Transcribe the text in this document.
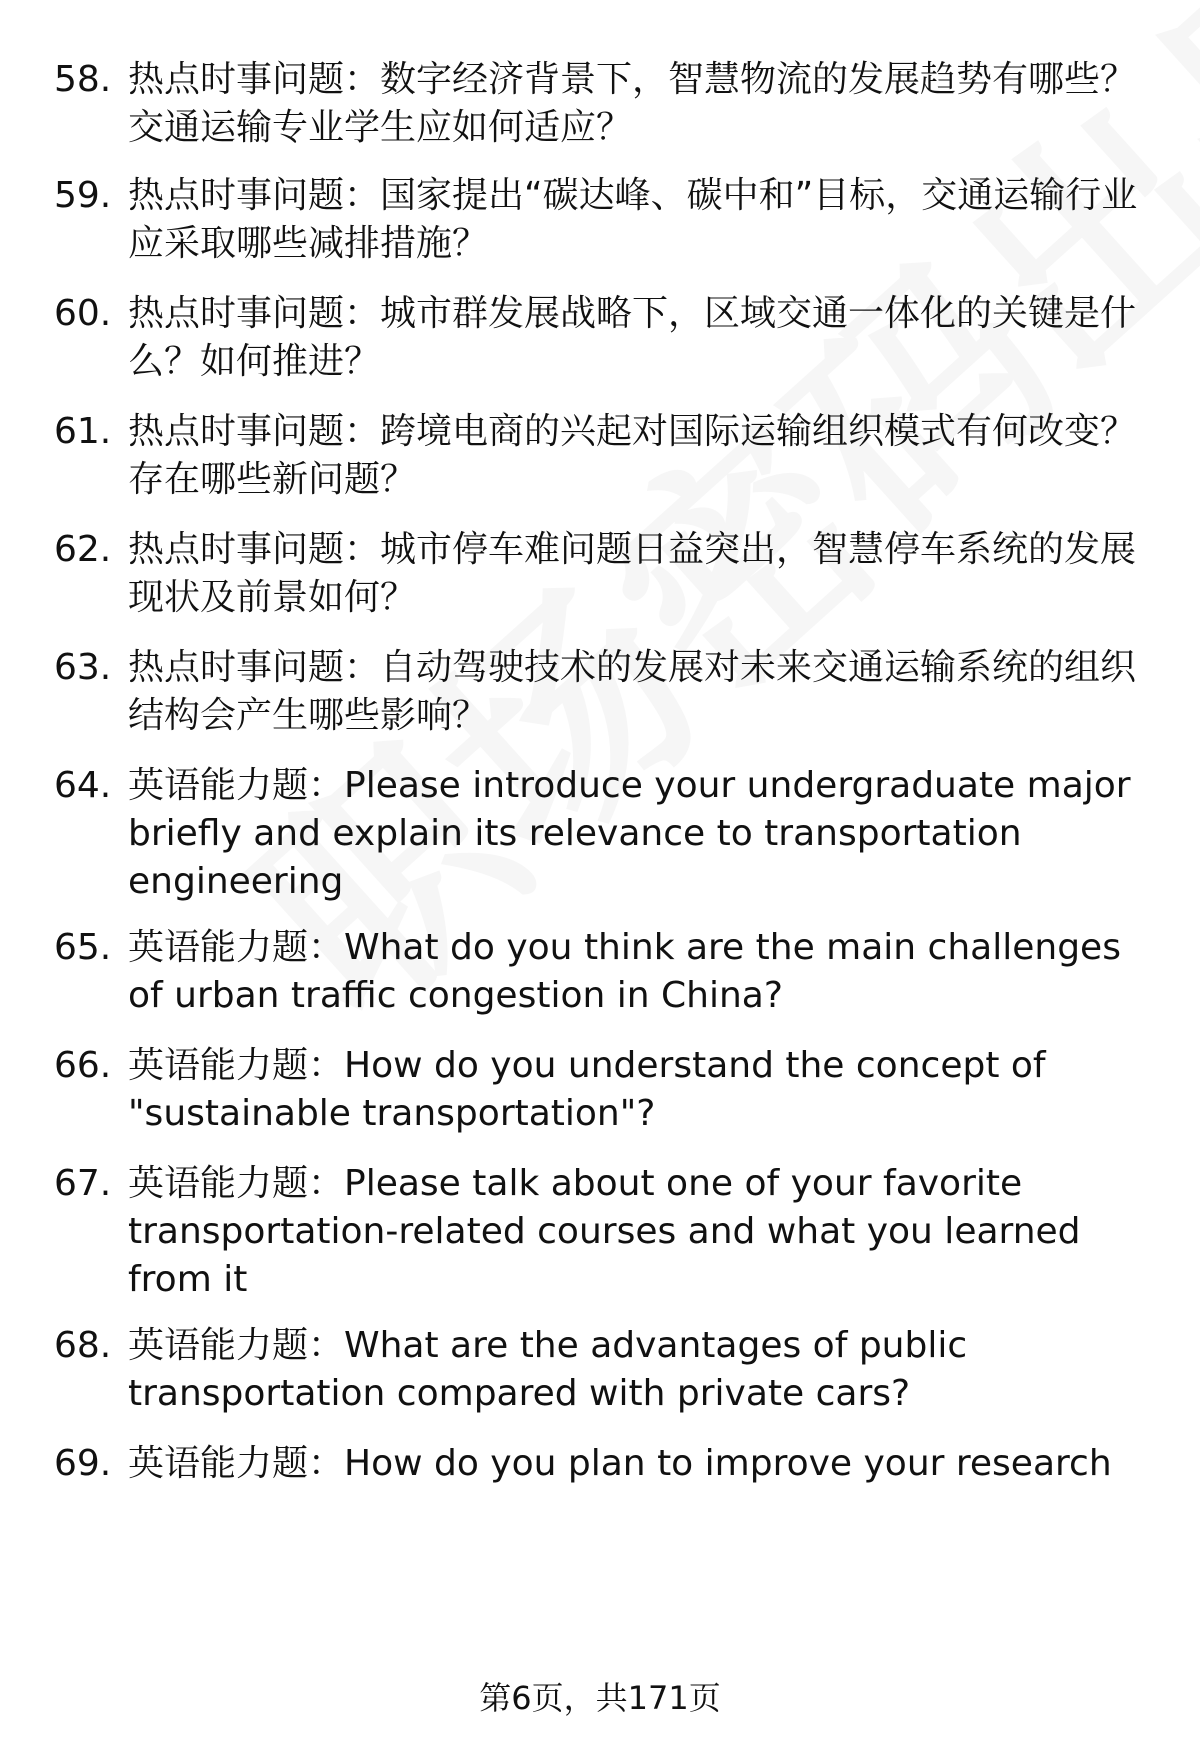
58. 热点时事问题：数字经济背景下，智慧物流的发展趋势有哪些？交通运输专业学生应如何适应？
59. 热点时事问题：国家提出“碳达峰、碳中和”目标，交通运输行业应采取哪些减排措施？
60. 热点时事问题：城市群发展战略下，区域交通一体化的关键是什么？如何推进？
61. 热点时事问题：跨境电商的兴起对国际运输组织模式有何改变？存在哪些新问题？
62. 热点时事问题：城市停车难问题日益突出，智慧停车系统的发展现状及前景如何？
63. 热点时事问题：自动驾驶技术的发展对未来交通运输系统的组织结构会产生哪些影响？
64. 英语能力题：Please introduce your undergraduate major briefly and explain its relevance to transportation engineering
65. 英语能力题：What do you think are the main challenges of urban traffic congestion in China?
66. 英语能力题：How do you understand the concept of "sustainable transportation"?
67. 英语能力题：Please talk about one of your favorite transportation-related courses and what you learned from it
68. 英语能力题：What are the advantages of public transportation compared with private cars?
69. 英语能力题：How do you plan to improve your research
第6页，共171页
